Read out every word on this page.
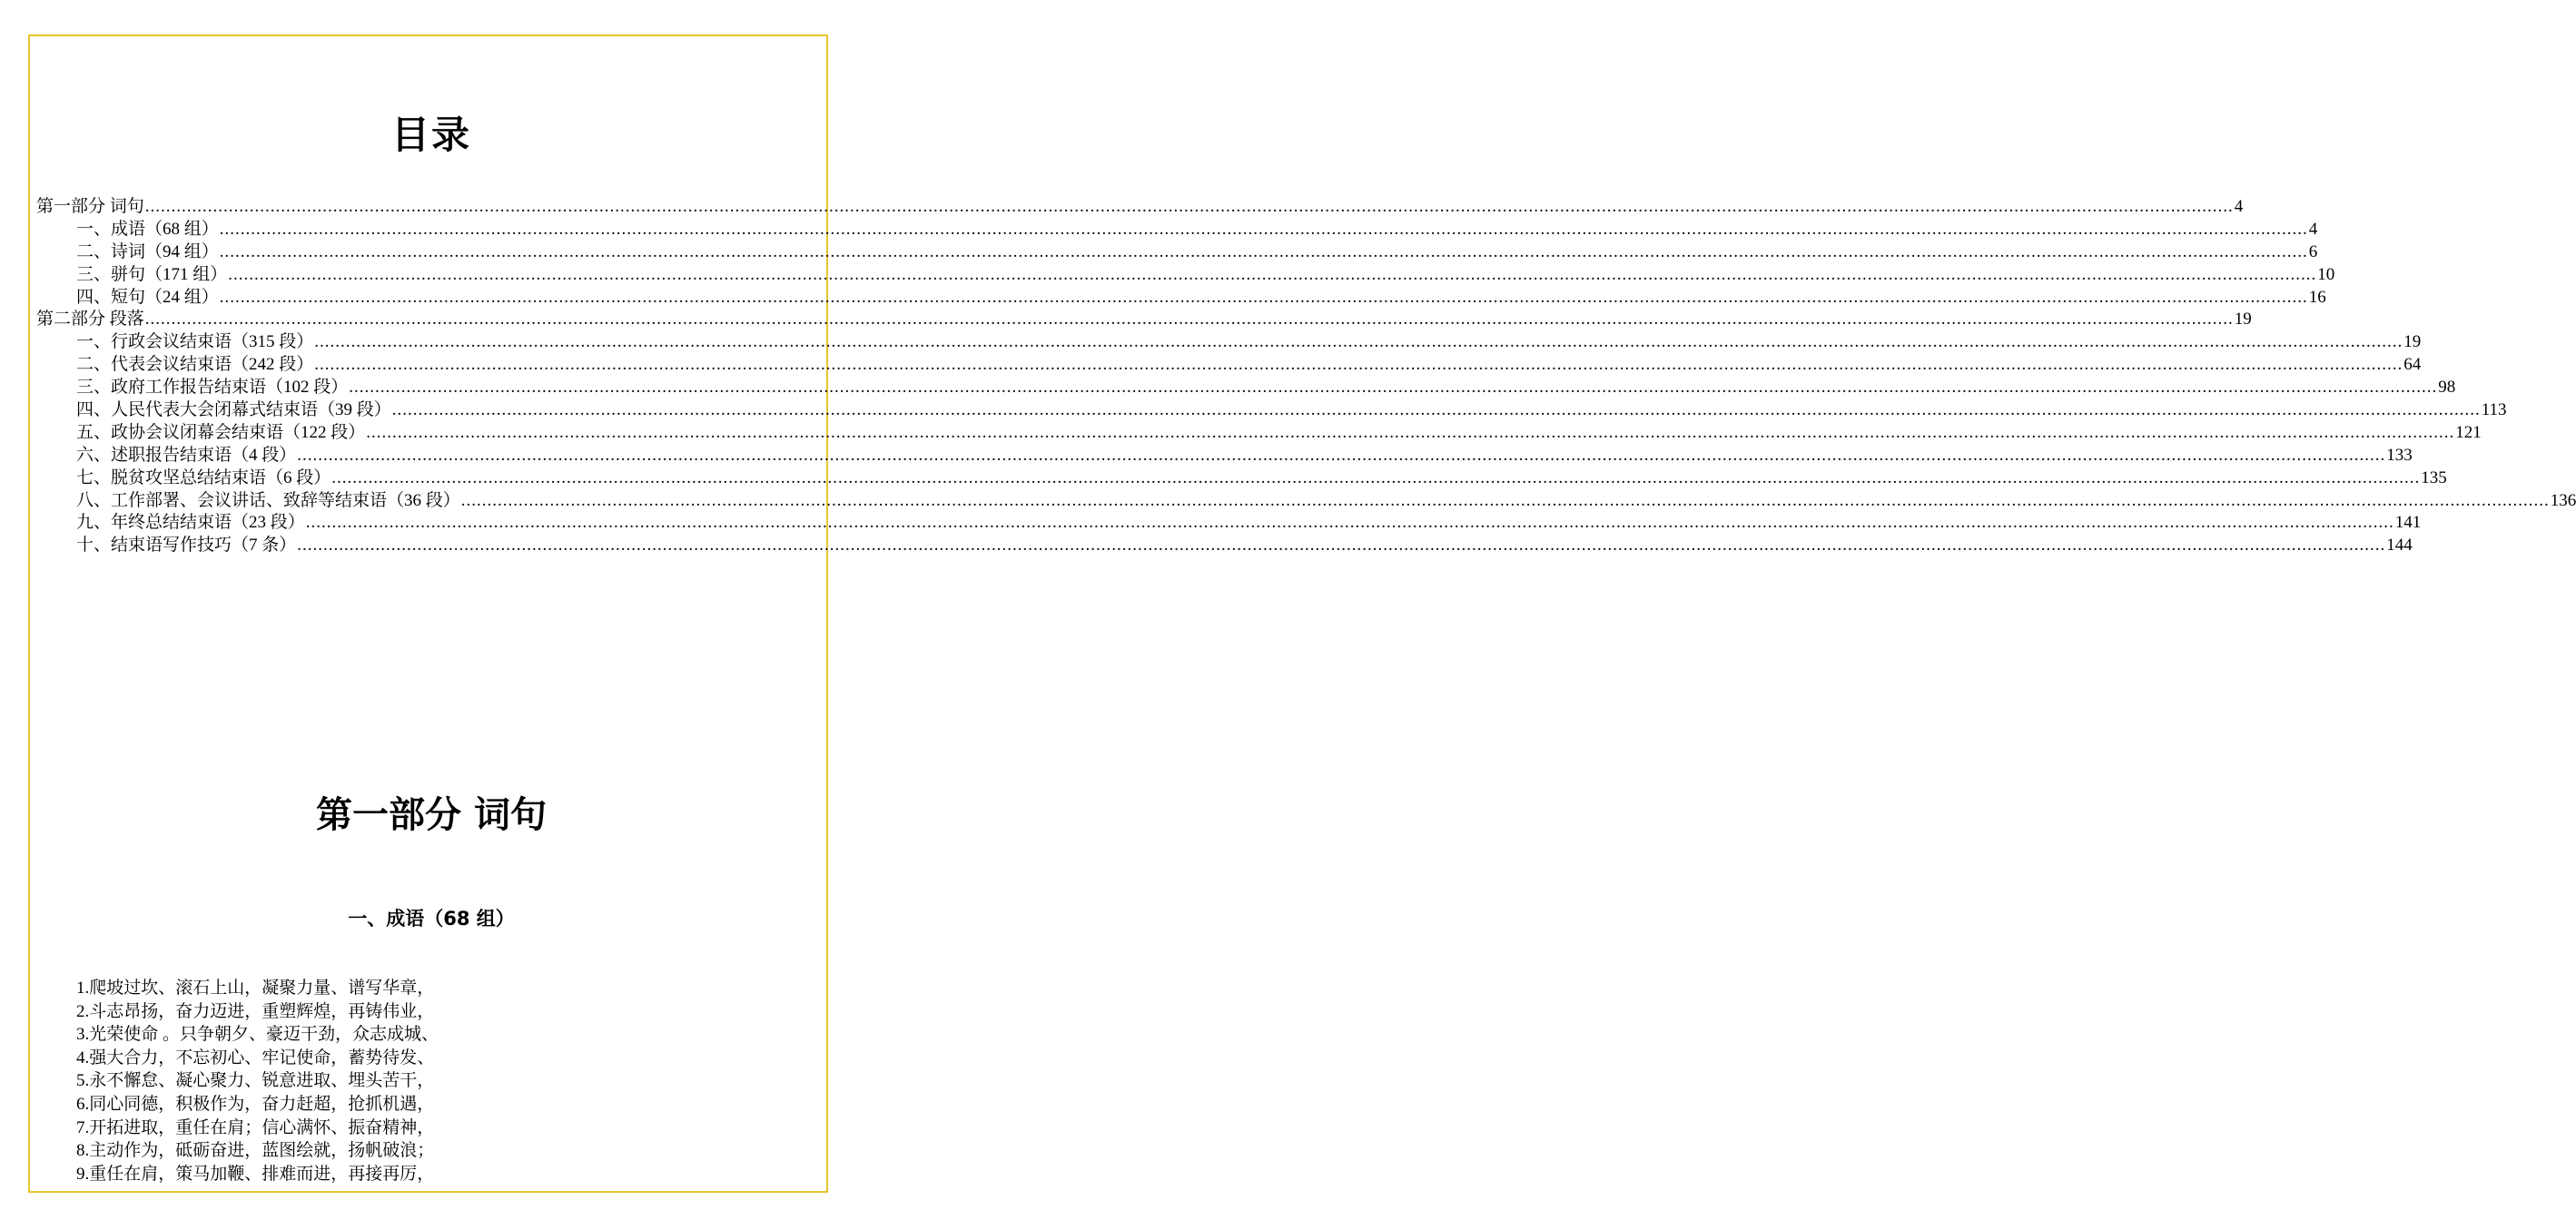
目录
第一部分 词句 ................................................................................................................................................................................................................................................................................................................................................................................................................ 4
一、成语（68 组） ................................................................................................................................................................................................................................................................................................................................................................................................................ 4
二、诗词（94 组） ................................................................................................................................................................................................................................................................................................................................................................................................................ 6
三、骈句（171 组） ................................................................................................................................................................................................................................................................................................................................................................................................................ 10
四、短句（24 组） ................................................................................................................................................................................................................................................................................................................................................................................................................ 16
第二部分 段落 ................................................................................................................................................................................................................................................................................................................................................................................................................ 19
一、行政会议结束语（315 段） ................................................................................................................................................................................................................................................................................................................................................................................................................ 19
二、代表会议结束语（242 段） ................................................................................................................................................................................................................................................................................................................................................................................................................ 64
三、政府工作报告结束语（102 段） ................................................................................................................................................................................................................................................................................................................................................................................................................ 98
四、人民代表大会闭幕式结束语（39 段） ................................................................................................................................................................................................................................................................................................................................................................................................................ 113
五、政协会议闭幕会结束语（122 段） ................................................................................................................................................................................................................................................................................................................................................................................................................ 121
六、述职报告结束语（4 段） ................................................................................................................................................................................................................................................................................................................................................................................................................ 133
七、脱贫攻坚总结结束语（6 段） ................................................................................................................................................................................................................................................................................................................................................................................................................ 135
八、工作部署、会议讲话、致辞等结束语（36 段） ................................................................................................................................................................................................................................................................................................................................................................................................................ 136
九、年终总结结束语（23 段） ................................................................................................................................................................................................................................................................................................................................................................................................................ 141
十、结束语写作技巧（7 条） ................................................................................................................................................................................................................................................................................................................................................................................................................ 144
第一部分 词句
一、成语（68 组）
1.爬坡过坎、滚石上山，凝聚力量、谱写华章，
2.斗志昂扬，奋力迈进，重塑辉煌，再铸伟业，
3.光荣使命 。只争朝夕、豪迈干劲，众志成城、
4.强大合力，不忘初心、牢记使命，蓄势待发、
5.永不懈怠、凝心聚力、锐意进取、埋头苦干，
6.同心同德，积极作为，奋力赶超，抢抓机遇，
7.开拓进取，重任在肩；信心满怀、振奋精神，
8.主动作为，砥砺奋进，蓝图绘就，扬帆破浪；
9.重任在肩，策马加鞭、排难而进，再接再厉，
